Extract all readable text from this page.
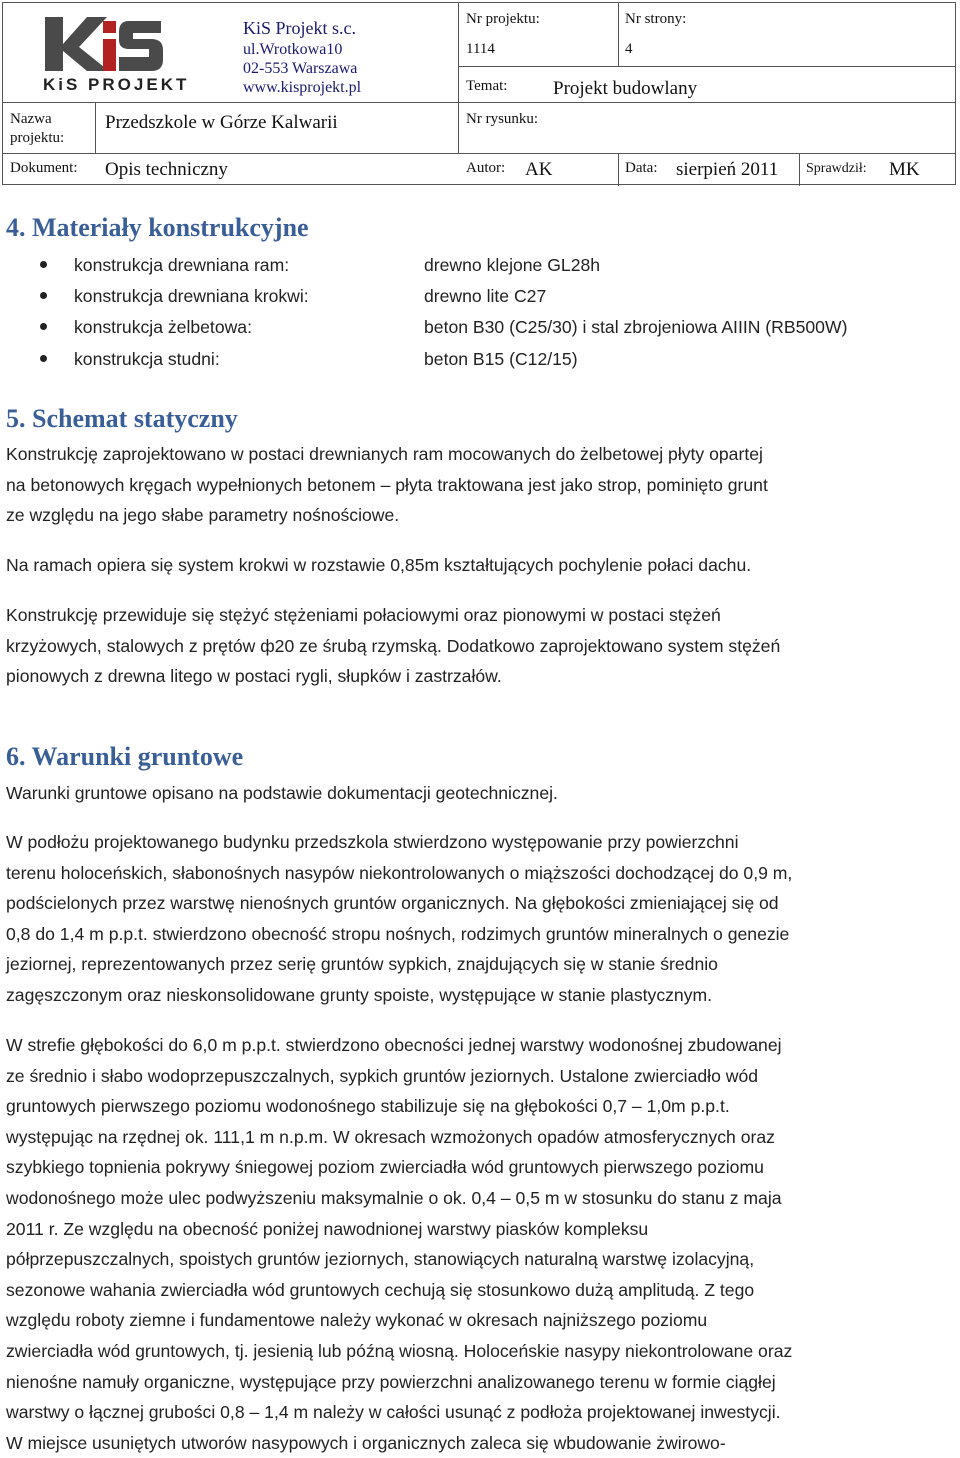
KiS PROJEKT
KiS Projekt s.c.
ul.Wrotkowa10
02-553 Warszawa
www.kisprojekt.pl
Nr projektu:
1114
Nr strony:
4
Temat: Projekt budowlany
Nazwa
projektu:
Przedszkole w Górze Kalwarii	Nr rysunku:
Dokument: Opis techniczny	Autor: AK	Data: sierpień 2011 Sprawdził: MK
4. Materiały konstrukcyjne
konstrukcja drewniana ram:	drewno klejone GL28h
konstrukcja drewniana krokwi:	drewno lite C27
konstrukcja żelbetowa:	beton B30 (C25/30) i stal zbrojeniowa AIIIN (RB500W)
konstrukcja studni:	beton B15 (C12/15)
5. Schemat statyczny

Konstrukcję zaprojektowano w postaci drewnianych ram mocowanych do żelbetowej płyty opartej
na betonowych kręgach wypełnionych betonem – płyta traktowana jest jako strop, pominięto grunt
ze względu na jego słabe parametry nośnościowe.

Na ramach opiera się system krokwi w rozstawie 0,85m kształtujących pochylenie połaci dachu.

Konstrukcję przewiduje się stężyć stężeniami połaciowymi oraz pionowymi w postaci stężeń
krzyżowych, stalowych z prętów ф20 ze śrubą rzymską. Dodatkowo zaprojektowano system stężeń
pionowych z drewna litego w postaci rygli, słupków i zastrzałów.

6. Warunki gruntowe

Warunki gruntowe opisano na podstawie dokumentacji geotechnicznej.

W podłożu projektowanego budynku przedszkola stwierdzono występowanie przy powierzchni
terenu holoceńskich, słabonośnych nasypów niekontrolowanych o miąższości dochodzącej do 0,9 m,
podścielonych przez warstwę nienośnych gruntów organicznych. Na głębokości zmieniającej się od
0,8 do 1,4 m p.p.t. stwierdzono obecność stropu nośnych, rodzimych gruntów mineralnych o genezie
jeziornej, reprezentowanych przez serię gruntów sypkich, znajdujących się w stanie średnio
zagęszczonym oraz nieskonsolidowane grunty spoiste, występujące w stanie plastycznym.

W strefie głębokości do 6,0 m p.p.t. stwierdzono obecności jednej warstwy wodonośnej zbudowanej
ze średnio i słabo wodoprzepuszczalnych, sypkich gruntów jeziornych. Ustalone zwierciadło wód
gruntowych pierwszego poziomu wodonośnego stabilizuje się na głębokości 0,7 – 1,0m p.p.t.
występując na rzędnej ok. 111,1 m n.p.m. W okresach wzmożonych opadów atmosferycznych oraz
szybkiego topnienia pokrywy śniegowej poziom zwierciadła wód gruntowych pierwszego poziomu
wodonośnego może ulec podwyższeniu maksymalnie o ok. 0,4 – 0,5 m w stosunku do stanu z maja
2011 r. Ze względu na obecność poniżej nawodnionej warstwy piasków kompleksu
półprzepuszczalnych, spoistych gruntów jeziornych, stanowiących naturalną warstwę izolacyjną,
sezonowe wahania zwierciadła wód gruntowych cechują się stosunkowo dużą amplitudą. Z tego
względu roboty ziemne i fundamentowe należy wykonać w okresach najniższego poziomu
zwierciadła wód gruntowych, tj. jesienią lub późną wiosną. Holoceńskie nasypy niekontrolowane oraz
nienośne namuły organiczne, występujące przy powierzchni analizowanego terenu w formie ciągłej
warstwy o łącznej grubości 0,8 – 1,4 m należy w całości usunąć z podłoża projektowanej inwestycji.
W miejsce usuniętych utworów nasypowych i organicznych zaleca się wbudowanie żwirowo-
